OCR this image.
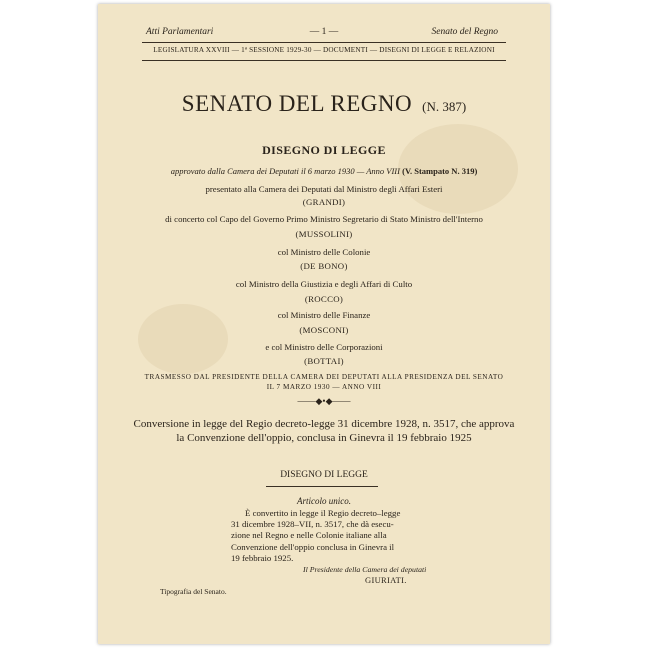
Atti Parlamentari	— 1 —	Senato del Regno
LEGISLATURA XXVIII — 1ª SESSIONE 1929-30 — DOCUMENTI — DISEGNI DI LEGGE E RELAZIONI
SENATO DEL REGNO (N. 387)
DISEGNO DI LEGGE
approvato dalla Camera dei Deputati il 6 marzo 1930 — Anno VIII (V. Stampato N. 319)
presentato alla Camera dei Deputati dal Ministro degli Affari Esteri
(GRANDI)
di concerto col Capo del Governo Primo Ministro Segretario di Stato Ministro dell'Interno
(MUSSOLINI)
col Ministro delle Colonie
(DE BONO)
col Ministro della Giustizia e degli Affari di Culto
(ROCCO)
col Ministro delle Finanze
(MOSCONI)
e col Ministro delle Corporazioni
(BOTTAI)
TRASMESSO DAL PRESIDENTE DELLA CAMERA DEI DEPUTATI ALLA PRESIDENZA DEL SENATO
IL 7 MARZO 1930 — ANNO VIII
——◆•◆——
Conversione in legge del Regio decreto-legge 31 dicembre 1928, n. 3517, che approva
la Convenzione dell'oppio, conclusa in Ginevra il 19 febbraio 1925
DISEGNO DI LEGGE
Articolo unico.
È convertito in legge il Regio decreto–legge
31 dicembre 1928–VII, n. 3517, che dà esecu-
zione nel Regno e nelle Colonie italiane alla
Convenzione dell'oppio conclusa in Ginevra il
19 febbraio 1925.
Il Presidente della Camera dei deputati
GIURIATI.
Tipografia del Senato.
